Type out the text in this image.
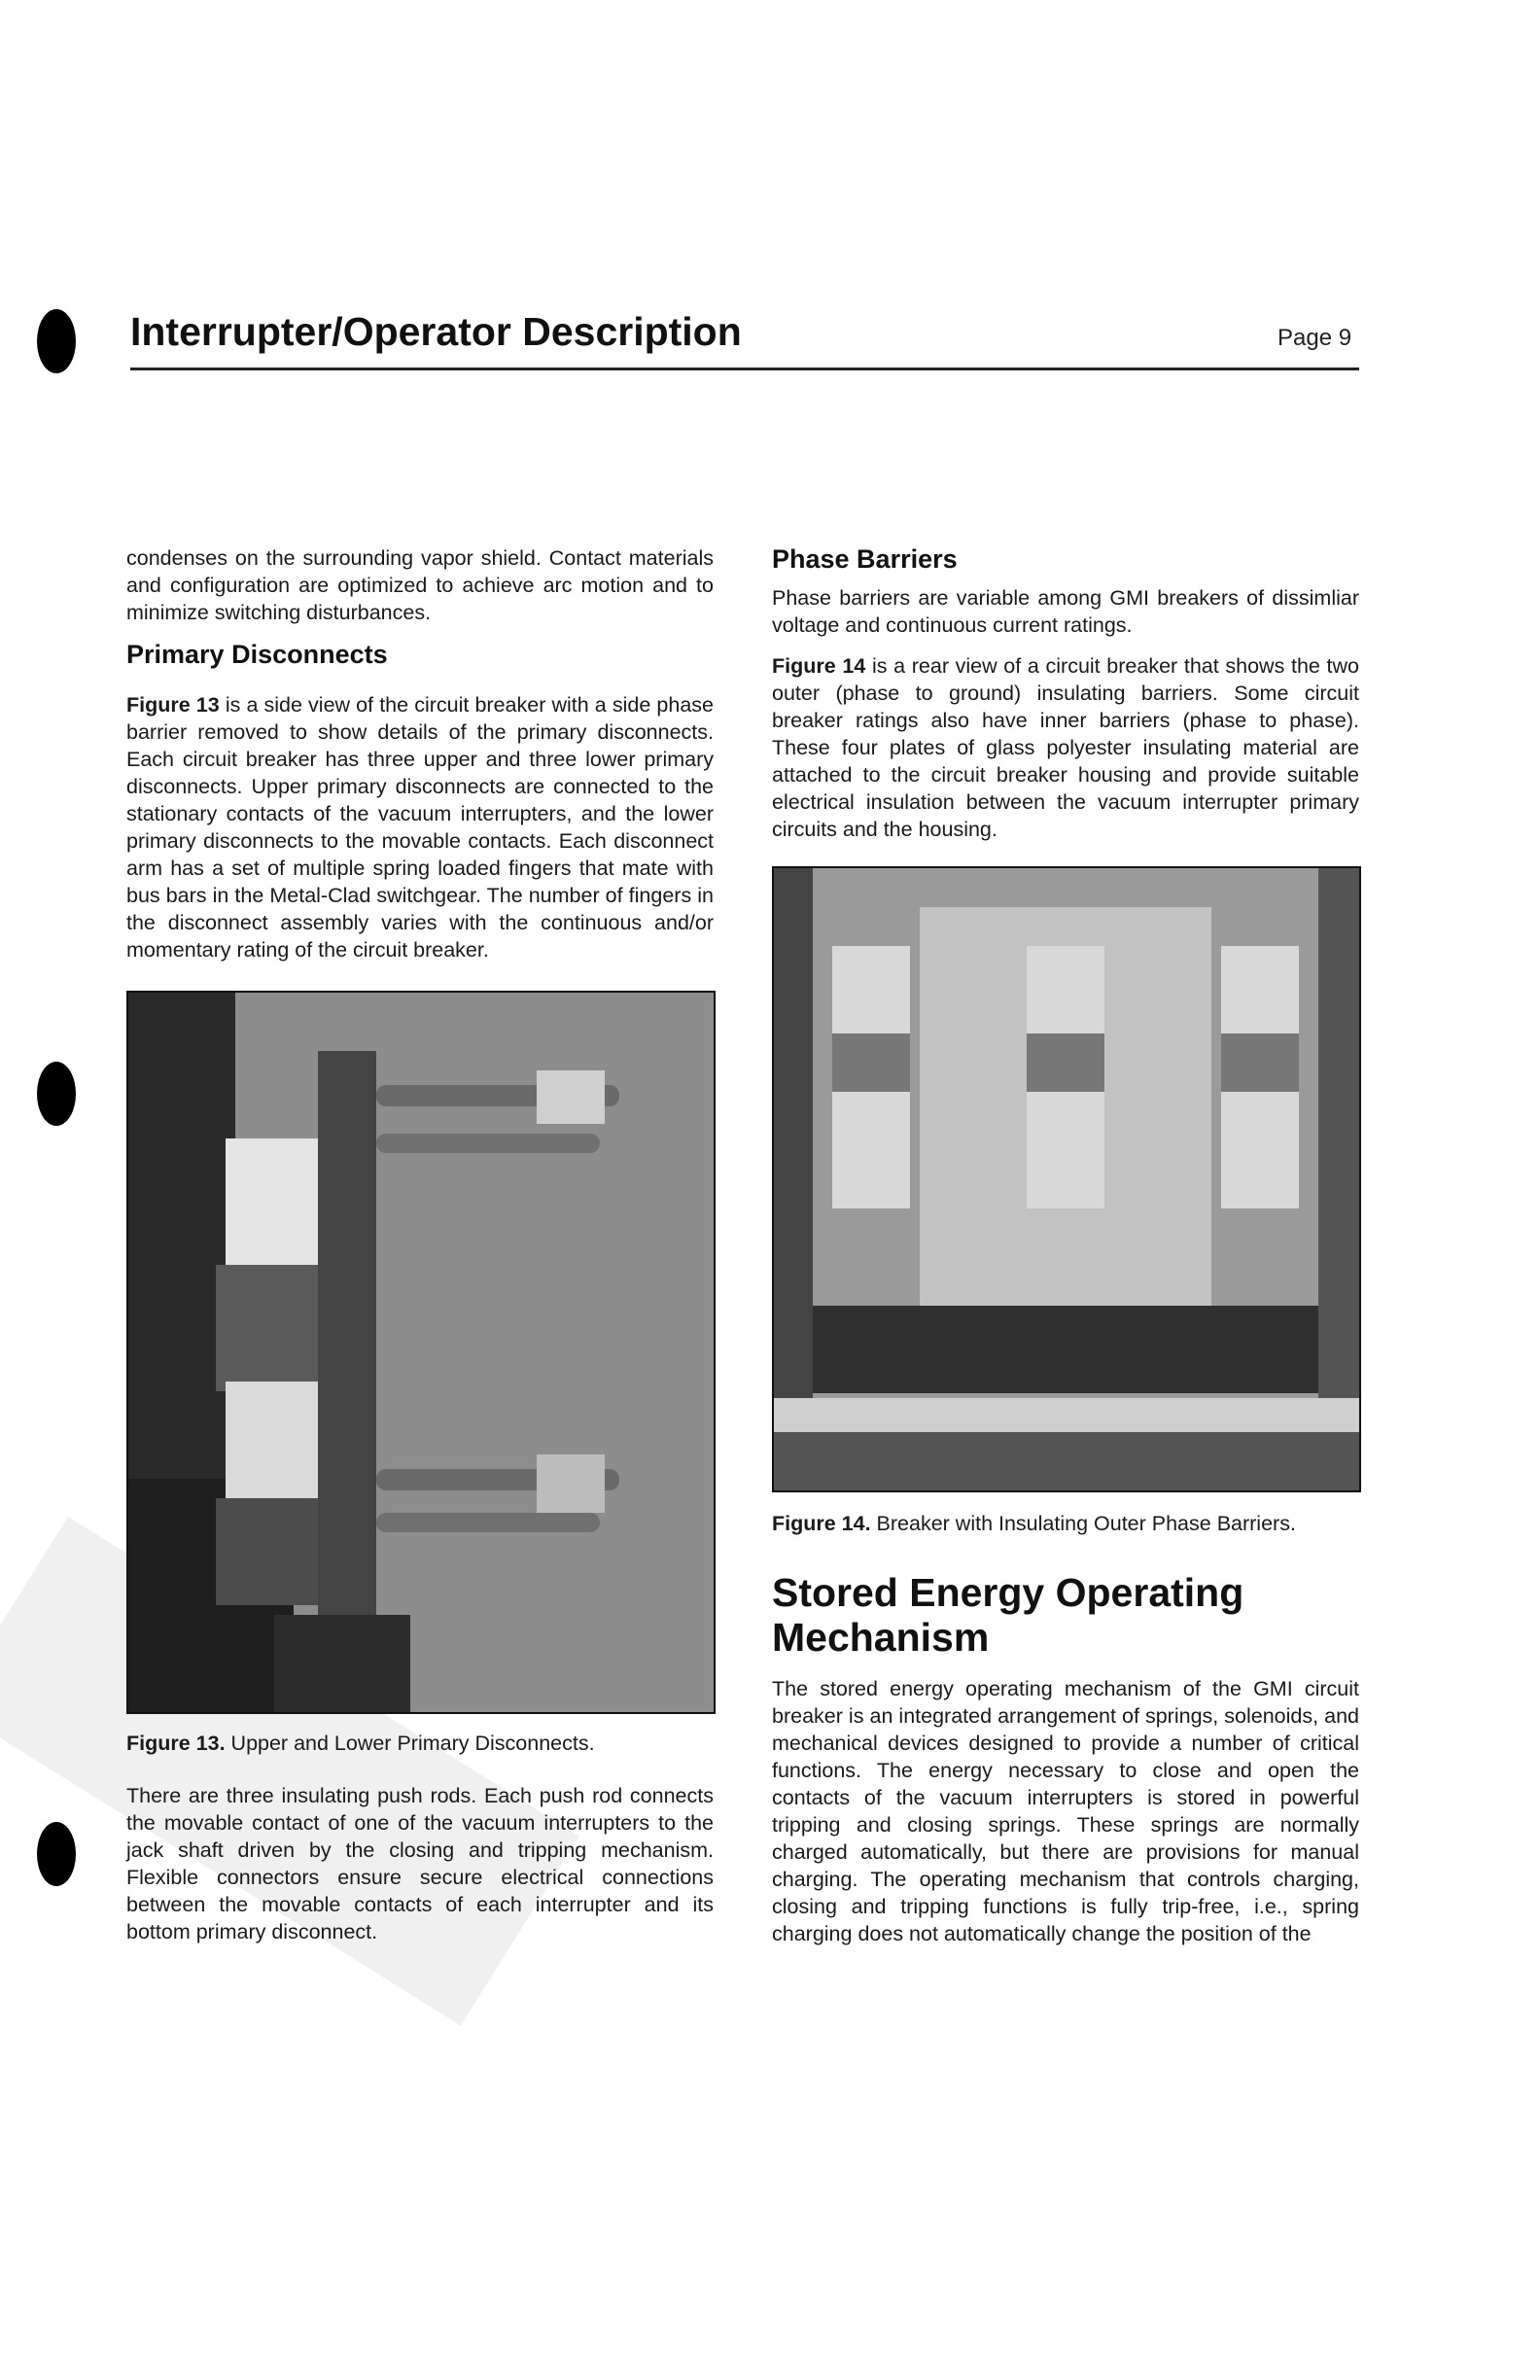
Interrupter/Operator Description	Page 9

condenses on the surrounding vapor shield. Contact materials and configuration are optimized to achieve arc motion and to minimize switching disturbances.

Primary Disconnects

Figure 13 is a side view of the circuit breaker with a side phase barrier removed to show details of the primary disconnects. Each circuit breaker has three upper and three lower primary disconnects. Upper primary disconnects are connected to the stationary contacts of the vacuum interrupters, and the lower primary disconnects to the movable contacts. Each disconnect arm has a set of multiple spring loaded fingers that mate with bus bars in the Metal-Clad switchgear. The number of fingers in the disconnect assembly varies with the continuous and/or momentary rating of the circuit breaker.

Figure 13. Upper and Lower Primary Disconnects.

There are three insulating push rods. Each push rod connects the movable contact of one of the vacuum interrupters to the jack shaft driven by the closing and tripping mechanism. Flexible connectors ensure secure electrical connections between the movable contacts of each interrupter and its bottom primary disconnect.

Phase Barriers

Phase barriers are variable among GMI breakers of dissimliar voltage and continuous current ratings.

Figure 14 is a rear view of a circuit breaker that shows the two outer (phase to ground) insulating barriers. Some circuit breaker ratings also have inner barriers (phase to phase). These four plates of glass polyester insulating material are attached to the circuit breaker housing and provide suitable electrical insulation between the vacuum interrupter primary circuits and the housing.

Figure 14. Breaker with Insulating Outer Phase Barriers.

Stored Energy Operating Mechanism

The stored energy operating mechanism of the GMI circuit breaker is an integrated arrangement of springs, solenoids, and mechanical devices designed to provide a number of critical functions. The energy necessary to close and open the contacts of the vacuum interrupters is stored in powerful tripping and closing springs. These springs are normally charged automatically, but there are provisions for manual charging. The operating mechanism that controls charging, closing and tripping functions is fully trip-free, i.e., spring charging does not automatically change the position of the
